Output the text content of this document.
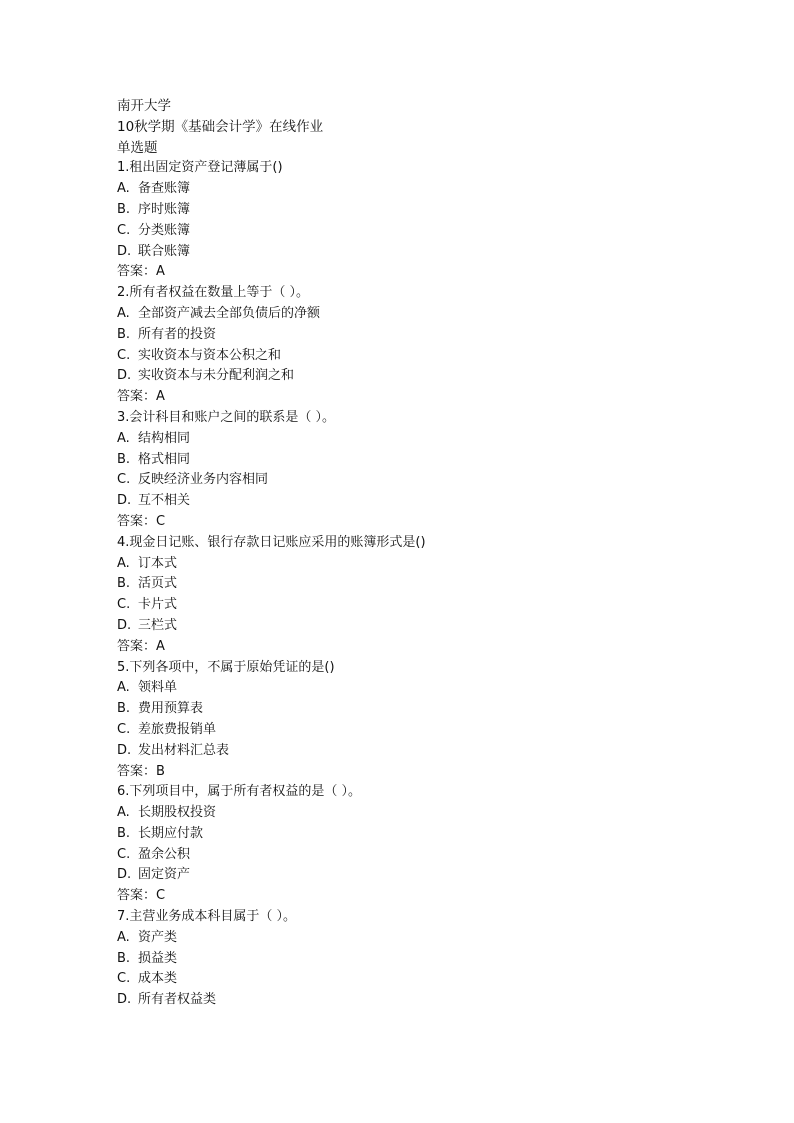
南开大学
10秋学期《基础会计学》在线作业
单选题
1.租出固定资产登记薄属于()
A. 备查账簿
B. 序时账簿
C. 分类账簿
D. 联合账簿
答案：A
2.所有者权益在数量上等于（ ）。
A. 全部资产减去全部负债后的净额
B. 所有者的投资
C. 实收资本与资本公积之和
D. 实收资本与未分配利润之和
答案：A
3.会计科目和账户之间的联系是（ ）。
A. 结构相同
B. 格式相同
C. 反映经济业务内容相同
D. 互不相关
答案：C
4.现金日记账、银行存款日记账应采用的账簿形式是()
A. 订本式
B. 活页式
C. 卡片式
D. 三栏式
答案：A
5.下列各项中，不属于原始凭证的是()
A. 领料单
B. 费用预算表
C. 差旅费报销单
D. 发出材料汇总表
答案：B
6.下列项目中，属于所有者权益的是（ ）。
A. 长期股权投资
B. 长期应付款
C. 盈余公积
D. 固定资产
答案：C
7.主营业务成本科目属于（ ）。
A. 资产类
B. 损益类
C. 成本类
D. 所有者权益类
